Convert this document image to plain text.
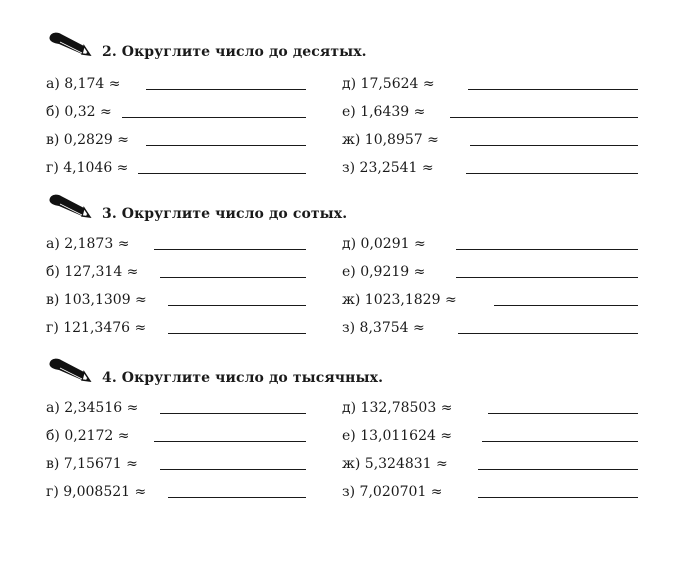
2. Округлите число до десятых.
а) 8,174 ≈	д) 17,5624 ≈
б) 0,32 ≈	е) 1,6439 ≈
в) 0,2829 ≈	ж) 10,8957 ≈
г) 4,1046 ≈	з) 23,2541 ≈
3. Округлите число до сотых.
а) 2,1873 ≈	д) 0,0291 ≈
б) 127,314 ≈	е) 0,9219 ≈
в) 103,1309 ≈	ж) 1023,1829 ≈
г) 121,3476 ≈	з) 8,3754 ≈
4. Округлите число до тысячных.
а) 2,34516 ≈	д) 132,78503 ≈
б) 0,2172 ≈	е) 13,011624 ≈
в) 7,15671 ≈	ж) 5,324831 ≈
г) 9,008521 ≈	з) 7,020701 ≈
